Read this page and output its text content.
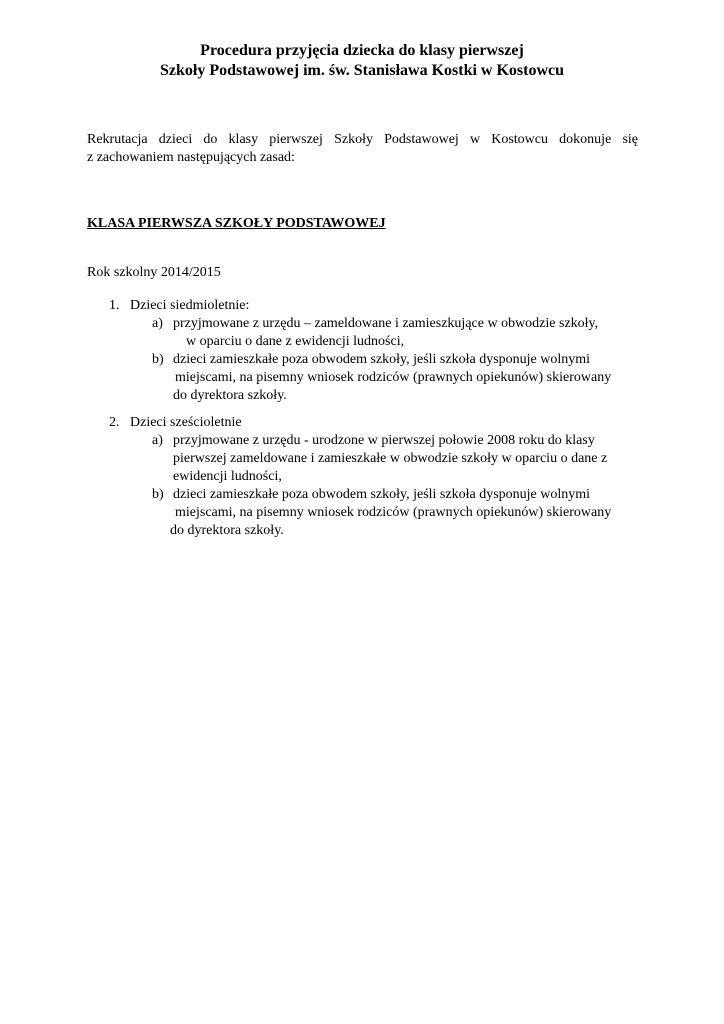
Procedura przyjęcia dziecka do klasy pierwszej
Szkoły Podstawowej im. św. Stanisława Kostki w Kostowcu

Rekrutacja dzieci do klasy pierwszej Szkoły Podstawowej w Kostowcu dokonuje się
z zachowaniem następujących zasad:

KLASA PIERWSZA SZKOŁY PODSTAWOWEJ

Rok szkolny 2014/2015

1. Dzieci siedmioletnie:
a) przyjmowane z urzędu – zameldowane i zamieszkujące w obwodzie szkoły,
w oparciu o dane z ewidencji ludności,
b) dzieci zamieszkałe poza obwodem szkoły, jeśli szkoła dysponuje wolnymi
miejscami, na pisemny wniosek rodziców (prawnych opiekunów) skierowany
do dyrektora szkoły.
2. Dzieci sześcioletnie
a) przyjmowane z urzędu - urodzone w pierwszej połowie 2008 roku do klasy
pierwszej zameldowane i zamieszkałe w obwodzie szkoły w oparciu o dane z
ewidencji ludności,
b) dzieci zamieszkałe poza obwodem szkoły, jeśli szkoła dysponuje wolnymi
miejscami, na pisemny wniosek rodziców (prawnych opiekunów) skierowany
do dyrektora szkoły.
